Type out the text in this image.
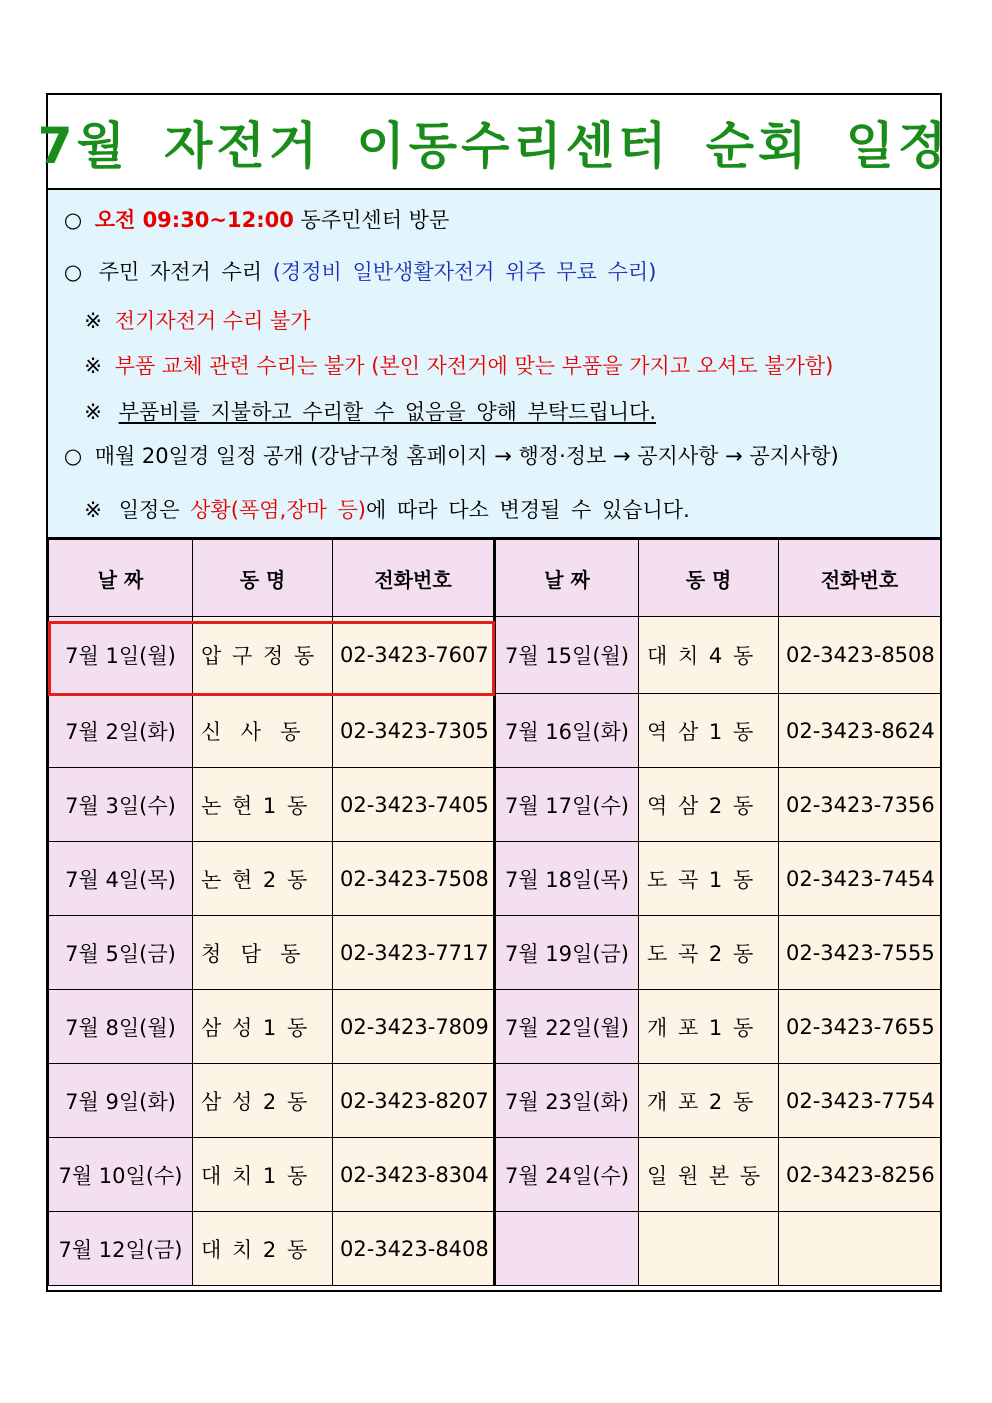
7월 자전거 이동수리센터 순회 일정
○ 오전 09:30~12:00 동주민센터 방문
○ 주민 자전거 수리 (경정비 일반생활자전거 위주 무료 수리)
※ 전기자전거 수리 불가
※ 부품 교체 관련 수리는 불가 (본인 자전거에 맞는 부품을 가지고 오셔도 불가함)
※ 부품비를 지불하고 수리할 수 없음을 양해 부탁드립니다.
○ 매월 20일경 일정 공개 (강남구청 홈페이지 → 행정·정보 → 공지사항 → 공지사항)
※ 일정은 상황(폭염,장마 등)에 따라 다소 변경될 수 있습니다.
날 짜	동 명	전화번호	날 짜	동 명	전화번호
7월 1일(월)	압 구 정 동	02-3423-7607	7월 15일(월)	대 치 4 동	02-3423-8508
7월 2일(화)	신  사  동	02-3423-7305	7월 16일(화)	역 삼 1 동	02-3423-8624
7월 3일(수)	논 현 1 동	02-3423-7405	7월 17일(수)	역 삼 2 동	02-3423-7356
7월 4일(목)	논 현 2 동	02-3423-7508	7월 18일(목)	도 곡 1 동	02-3423-7454
7월 5일(금)	청  담  동	02-3423-7717	7월 19일(금)	도 곡 2 동	02-3423-7555
7월 8일(월)	삼 성 1 동	02-3423-7809	7월 22일(월)	개 포 1 동	02-3423-7655
7월 9일(화)	삼 성 2 동	02-3423-8207	7월 23일(화)	개 포 2 동	02-3423-7754
7월 10일(수)	대 치 1 동	02-3423-8304	7월 24일(수)	일 원 본 동	02-3423-8256
7월 12일(금)	대 치 2 동	02-3423-8408			
